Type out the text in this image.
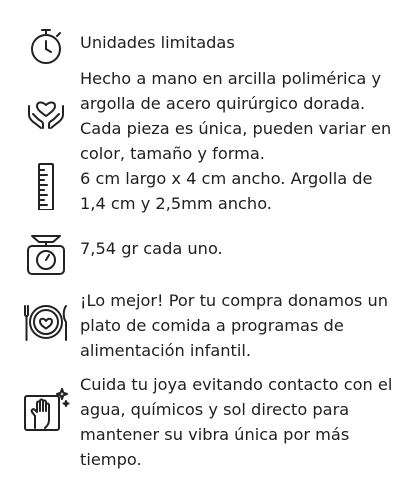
Unidades limitadas
Hecho a mano en arcilla polimérica y argolla de acero quirúrgico dorada. Cada pieza es única, pueden variar en color, tamaño y forma.
6 cm largo x 4 cm ancho. Argolla de 1,4 cm y 2,5mm ancho.
7,54 gr cada uno.
¡Lo mejor! Por tu compra donamos un plato de comida a programas de alimentación infantil.
Cuida tu joya evitando contacto con el agua, químicos y sol directo para mantener su vibra única por más tiempo.
